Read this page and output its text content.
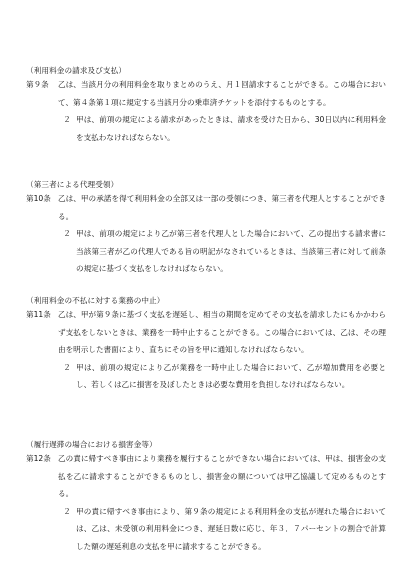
（利用料金の請求及び支払）
第９条	乙は、当該月分の利用料金を取りまとめのうえ、月１回請求することができる。この場合において、第４条第１項に規定する当該月分の乗車済チケットを添付するものとする。
２ 甲は、前項の規定による請求があったときは、請求を受けた日から、30日以内に利用料金を支払わなければならない。
（第三者による代理受領）
第10条 乙は、甲の承諾を得て利用料金の全部又は一部の受領につき、第三者を代理人とすることができる。
２ 甲は、前項の規定により乙が第三者を代理人とした場合において、乙の提出する請求書に当該第三者が乙の代理人である旨の明記がなされているときは、当該第三者に対して前条の規定に基づく支払をしなければならない。
（利用料金の不払に対する業務の中止）
第11条 乙は、甲が第９条に基づく支払を遅延し、相当の期間を定めてその支払を請求したにもかかわらず支払をしないときは、業務を一時中止することができる。この場合においては、乙は、その理由を明示した書面により、直ちにその旨を甲に通知しなければならない。
２ 甲は、前項の規定により乙が業務を一時中止した場合において、乙が増加費用を必要とし、若しくは乙に損害を及ぼしたときは必要な費用を負担しなければならない。
（履行遅滞の場合における損害金等）
第12条 乙の責に帰すべき事由により業務を履行することができない場合においては、甲は、損害金の支払を乙に請求することができるものとし、損害金の額については甲乙協議して定めるものとする。
２ 甲の責に帰すべき事由により、第９条の規定による利用料金の支払が遅れた場合においては、乙は、未受領の利用料金につき、遅延日数に応じ、年３．７パーセントの割合で計算した額の遅延利息の支払を甲に請求することができる。
